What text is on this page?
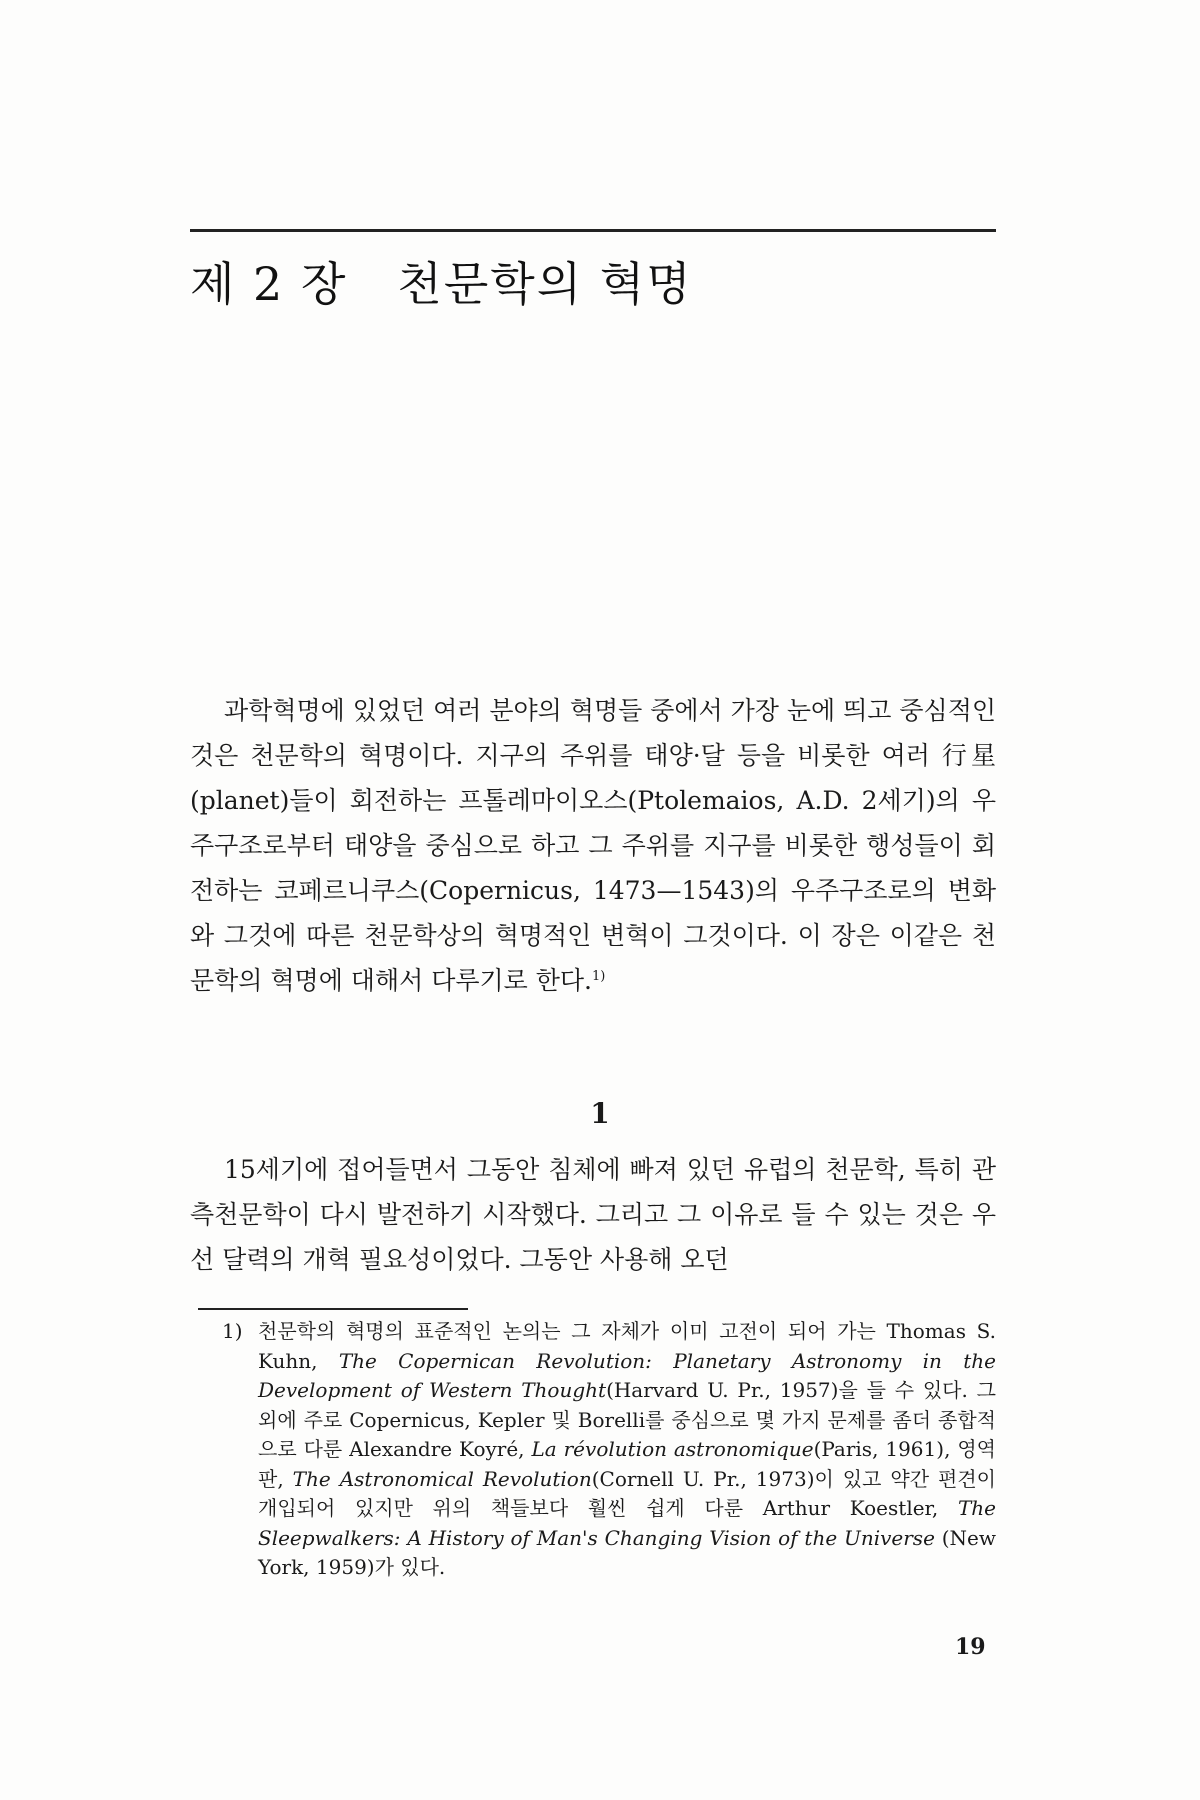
제 2 장 천문학의 혁명

과학혁명에 있었던 여러 분야의 혁명들 중에서 가장 눈에 띄고 중심적인 것은 천문학의 혁명이다. 지구의 주위를 태양·달 등을 비롯한 여러 行星(planet)들이 회전하는 프톨레마이오스(Ptolemaios, A.D. 2세기)의 우주구조로부터 태양을 중심으로 하고 그 주위를 지구를 비롯한 행성들이 회전하는 코페르니쿠스(Copernicus, 1473—1543)의 우주구조로의 변화와 그것에 따른 천문학상의 혁명적인 변혁이 그것이다. 이 장은 이같은 천문학의 혁명에 대해서 다루기로 한다.$^{1)}$

1

15세기에 접어들면서 그동안 침체에 빠져 있던 유럽의 천문학, 특히 관측천문학이 다시 발전하기 시작했다. 그리고 그 이유로 들 수 있는 것은 우선 달력의 개혁 필요성이었다. 그동안 사용해 오던

1) 천문학의 혁명의 표준적인 논의는 그 자체가 이미 고전이 되어 가는 Thomas S. Kuhn, The Copernican Revolution: Planetary Astronomy in the Development of Western Thought(Harvard U. Pr., 1957)을 들 수 있다. 그 외에 주로 Copernicus, Kepler 및 Borelli를 중심으로 몇 가지 문제를 좀더 종합적으로 다룬 Alexandre Koyré, La révolution astronomique(Paris, 1961), 영역판, The Astronomical Revolution(Cornell U. Pr., 1973)이 있고 약간 편견이 개입되어 있지만 위의 책들보다 훨씬 쉽게 다룬 Arthur Koestler, The Sleepwalkers: A History of Man's Changing Vision of the Universe (New York, 1959)가 있다.
19
